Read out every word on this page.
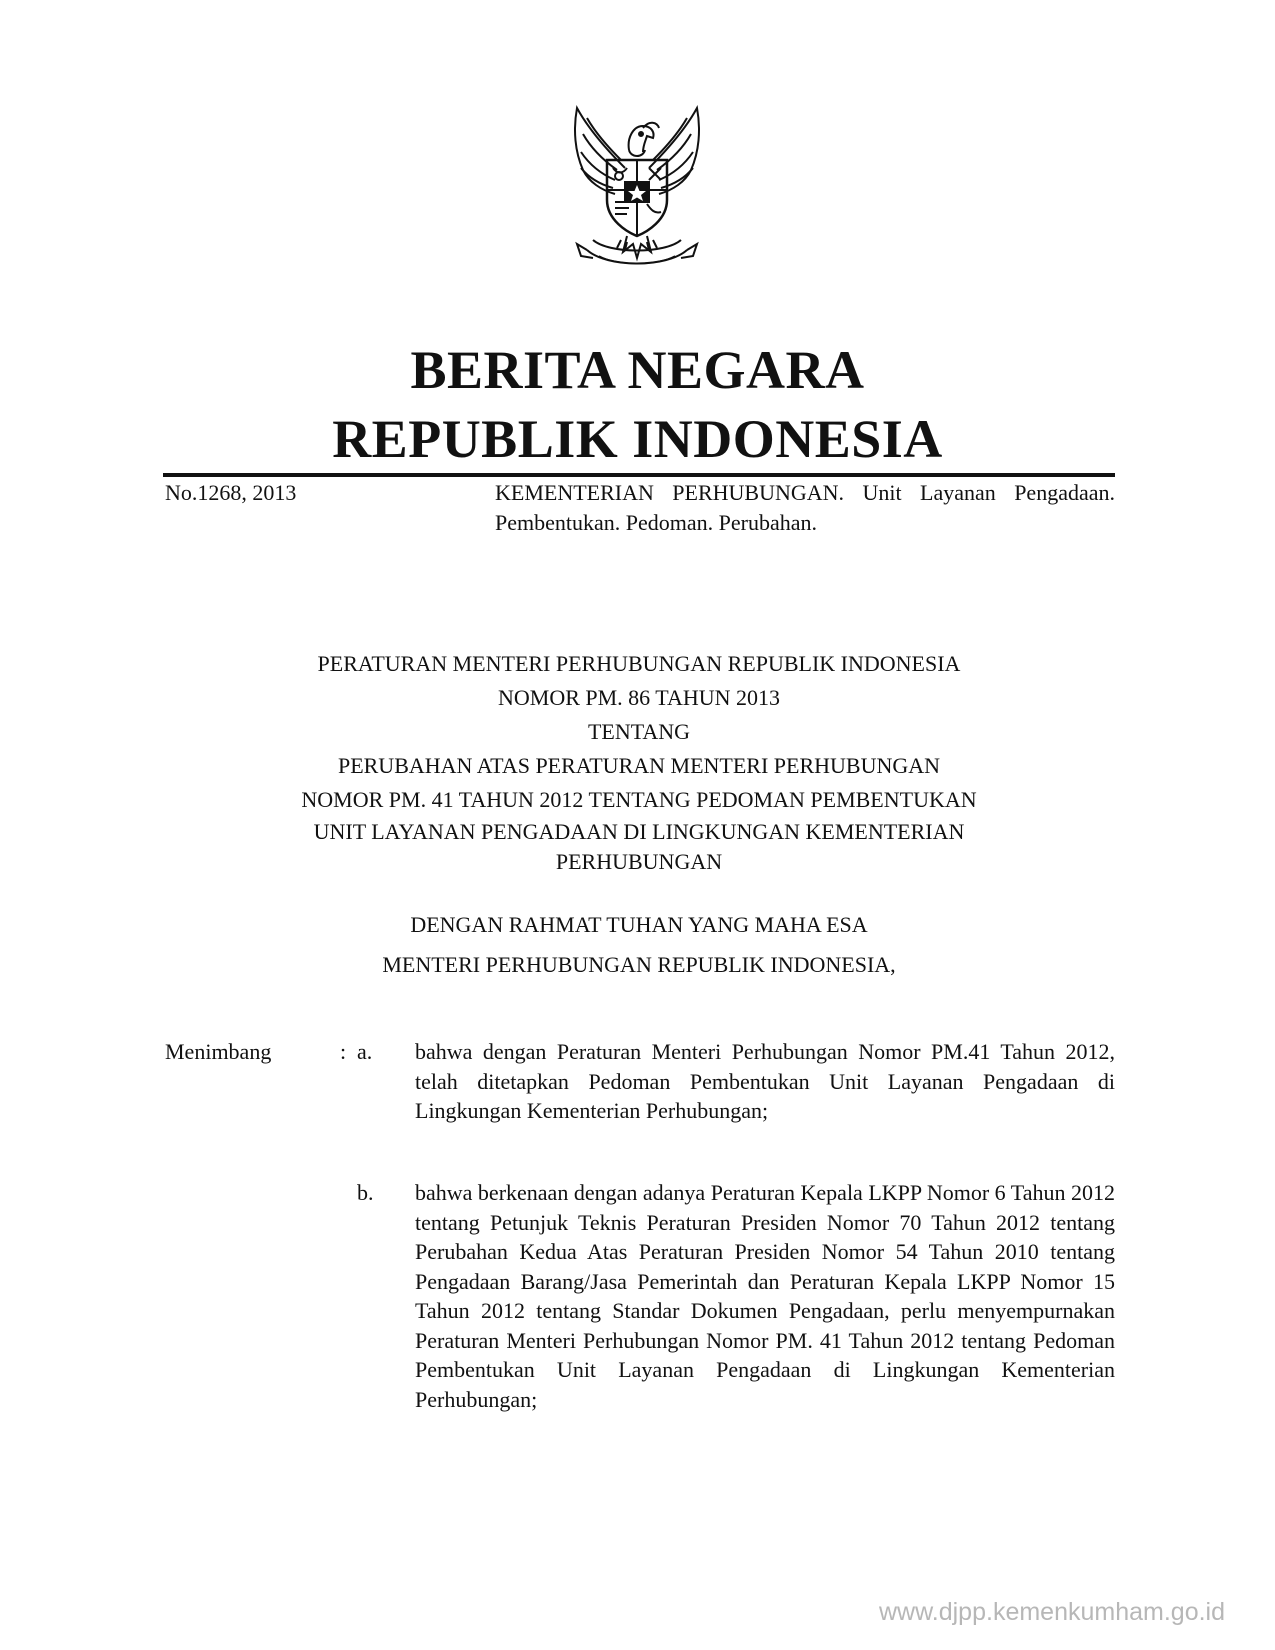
BERITA NEGARA
REPUBLIK INDONESIA
No.1268, 2013	KEMENTERIAN PERHUBUNGAN. Unit Layanan Pengadaan. Pembentukan. Pedoman. Perubahan.
PERATURAN MENTERI PERHUBUNGAN REPUBLIK INDONESIA
NOMOR PM. 86 TAHUN 2013
TENTANG
PERUBAHAN ATAS PERATURAN MENTERI PERHUBUNGAN
NOMOR PM. 41 TAHUN 2012 TENTANG PEDOMAN PEMBENTUKAN
UNIT LAYANAN PENGADAAN DI LINGKUNGAN KEMENTERIAN PERHUBUNGAN
DENGAN RAHMAT TUHAN YANG MAHA ESA
MENTERI PERHUBUNGAN REPUBLIK INDONESIA,
Menimbang	: a. bahwa dengan Peraturan Menteri Perhubungan Nomor PM.41 Tahun 2012, telah ditetapkan Pedoman Pembentukan Unit Layanan Pengadaan di Lingkungan Kementerian Perhubungan;
b. bahwa berkenaan dengan adanya Peraturan Kepala LKPP Nomor 6 Tahun 2012 tentang Petunjuk Teknis Peraturan Presiden Nomor 70 Tahun 2012 tentang Perubahan Kedua Atas Peraturan Presiden Nomor 54 Tahun 2010 tentang Pengadaan Barang/Jasa Pemerintah dan Peraturan Kepala LKPP Nomor 15 Tahun 2012 tentang Standar Dokumen Pengadaan, perlu menyempurnakan Peraturan Menteri Perhubungan Nomor PM. 41 Tahun 2012 tentang Pedoman Pembentukan Unit Layanan Pengadaan di Lingkungan Kementerian Perhubungan;
www.djpp.kemenkumham.go.id
